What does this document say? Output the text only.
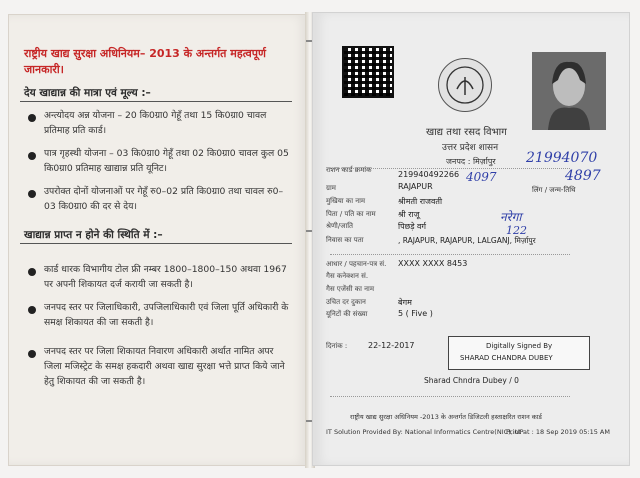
राष्ट्रीय खाद्य सुरक्षा अधिनियम– 2013 के अन्तर्गत महत्वपूर्ण जानकारी।
देय खाद्यान्न की मात्रा एवं मूल्य :–
अन्त्योदय अन्न योजना – 20 कि0ग्रा0 गेहूँ तथा 15 कि0ग्रा0 चावल प्रतिमाह प्रति कार्ड।
पात्र गृहस्थी योजना – 03 कि0ग्रा0 गेहूँ तथा 02 कि0ग्रा0 चावल कुल 05 कि0ग्रा0 प्रतिमाह खाद्यान्न प्रति यूनिट।
उपरोक्त दोनों योजनाओं पर गेहूँ रु0–02 प्रति कि0ग्रा0 तथा चावल रु0–03 कि0ग्रा0 की दर से देय।
खाद्यान्न प्राप्त न होने की स्थिति में :–
कार्ड धारक विभागीय टोल फ्री नम्बर 1800–1800–150 अथवा 1967 पर अपनी शिकायत दर्ज करायी जा सकती है।
जनपद स्तर पर जिलाधिकारी, उपजिलाधिकारी एवं जिला पूर्ति अधिकारी के समक्ष शिकायत की जा सकती है।
जनपद स्तर पर जिला शिकायत निवारण अधिकारी अर्थात नामित अपर जिला मजिस्ट्रेट के समक्ष हकदारी अथवा खाद्य सुरक्षा भत्ते प्राप्त किये जाने हेतु शिकायत की जा सकती है।
खाद्य तथा रसद विभाग
उत्तर प्रदेश शासन
जनपद : मिर्ज़ापुर
लिंग / जन्म-तिथि
राशन कार्ड क्रमांक	219940492266
ग्राम	RAJAPUR
मुखिया का नाम	श्रीमती राजवती
पिता / पति का नाम	श्री राजू
श्रेणी/जाति	पिछड़े वर्ग
निवास का पता	, RAJAPUR, RAJAPUR, LALGANJ, मिर्ज़ापुर
आधार / पहचान-पत्र सं. XXXX XXXX 8453
गैस कनेक्शन सं.
गैस एजेंसी का नाम
उचित दर दुकान	बेगम
यूनिटों की संख्या	5 ( Five )
दिनांक :	22-12-2017	Digitally Signed By
SHARAD CHANDRA DUBEY
Sharad Chndra Dubey / 0
राष्ट्रीय खाद्य सुरक्षा अधिनियम -2013 के अन्तर्गत डिजिटली हस्ताक्षरित राशन कार्ड
IT Solution Provided By: National Informatics Centre(NIC), UP
Print at : 18 Sep 2019 05:15 AM
21994070
4897
4097
नरेगा
122
